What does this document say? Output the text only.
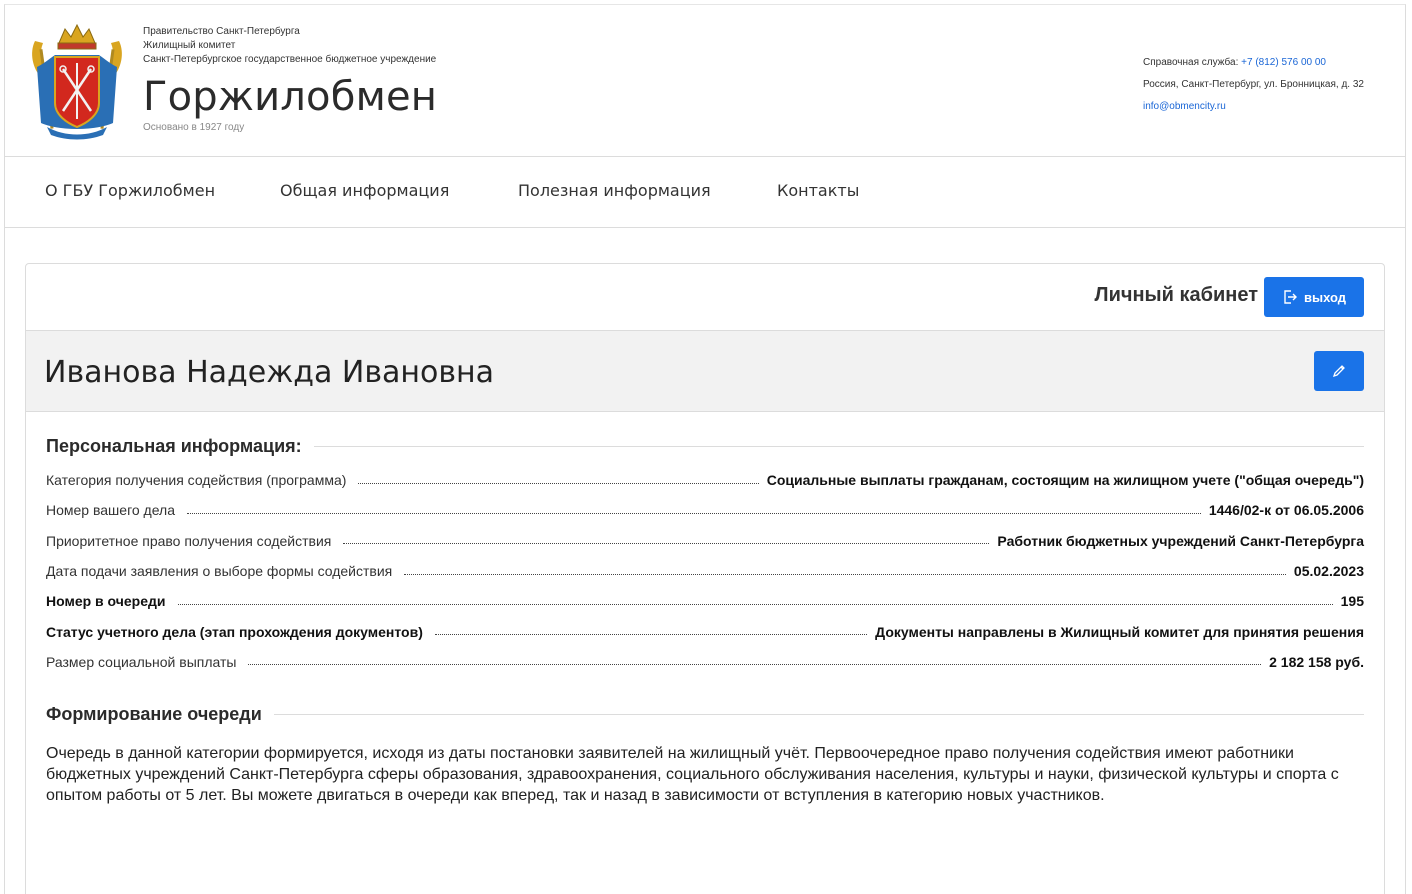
Правительство Санкт-Петербурга
Жилищный комитет
Санкт-Петербургское государственное бюджетное учреждение
Горжилобмен
Основано в 1927 году
Справочная служба: +7 (812) 576 00 00
Россия, Санкт-Петербург, ул. Бронницкая, д. 32
info@obmencity.ru
О ГБУ Горжилобмен	Общая информация	Полезная информация	Контакты
Личный кабинет	выход
Иванова Надежда Ивановна
Персональная информация:
Категория получения содействия (программа)	Социальные выплаты гражданам, состоящим на жилищном учете ("общая очередь")
Номер вашего дела	1446/02-к от 06.05.2006
Приоритетное право получения содействия	Работник бюджетных учреждений Санкт-Петербурга
Дата подачи заявления о выборе формы содействия	05.02.2023
Номер в очереди	195
Статус учетного дела (этап прохождения документов)	Документы направлены в Жилищный комитет для принятия решения
Размер социальной выплаты	2 182 158 руб.
Формирование очереди
Очередь в данной категории формируется, исходя из даты постановки заявителей на жилищный учёт. Первоочередное право получения содействия имеют работники бюджетных учреждений Санкт-Петербурга сферы образования, здравоохранения, социального обслуживания населения, культуры и науки, физической культуры и спорта с опытом работы от 5 лет. Вы можете двигаться в очереди как вперед, так и назад в зависимости от вступления в категорию новых участников.
